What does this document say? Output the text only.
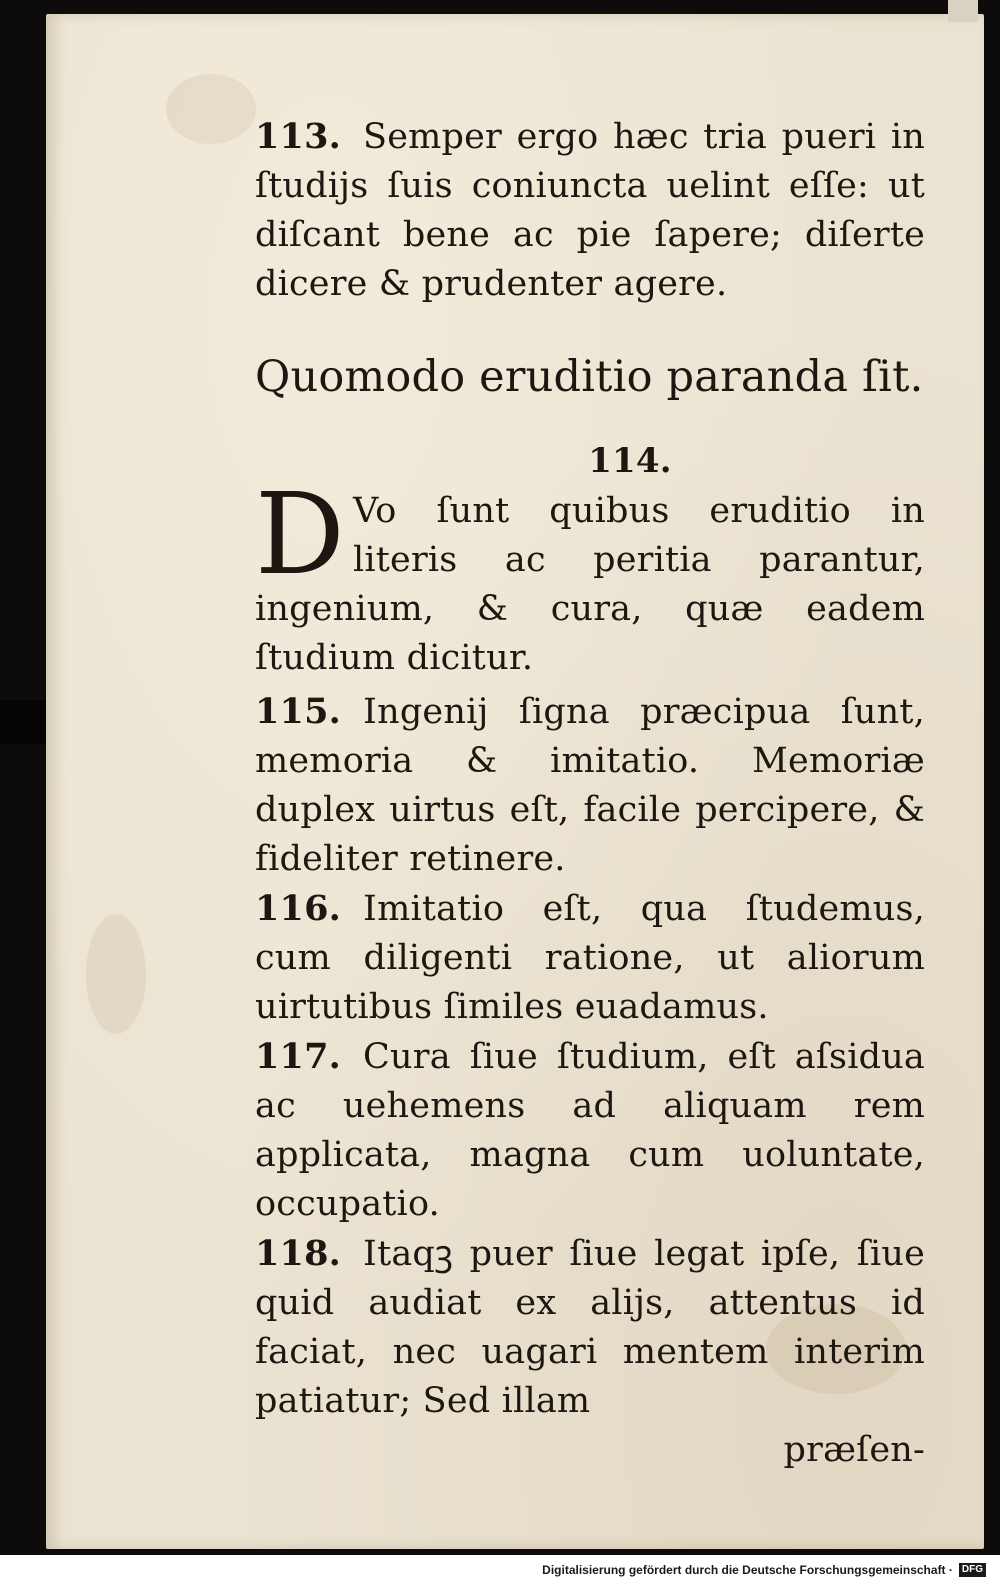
113. Semper ergo hæc tria pueri in ſtudijs ſuis coniuncta uelint eſſe: ut diſcant bene ac pie ſapere; diſerte dicere & prudenter agere.

Quomodo eruditio paranda ſit.
114.

D Vo ſunt quibus eruditio in literis ac peritia parantur, ingenium, & cura, quæ eadem ſtudium dicitur.

115. Ingenij ſigna præcipua ſunt, memoria & imitatio. Memoriæ duplex uirtus eſt, facile percipere, & fideliter retinere.

116. Imitatio eſt, qua ſtudemus, cum diligenti ratione, ut aliorum uirtutibus ſimiles euadamus.

117. Cura ſiue ſtudium, eſt aſsidua ac uehemens ad aliquam rem applicata, magna cum uoluntate, occupatio.

118. Itaqꝫ puer ſiue legat ipſe, ſiue quid audiat ex alijs, attentus id faciat, nec uagari mentem interim patiatur; Sed illam

præſen-
Digitalisierung gefördert durch die Deutsche Forschungsgemeinschaft · DFG
